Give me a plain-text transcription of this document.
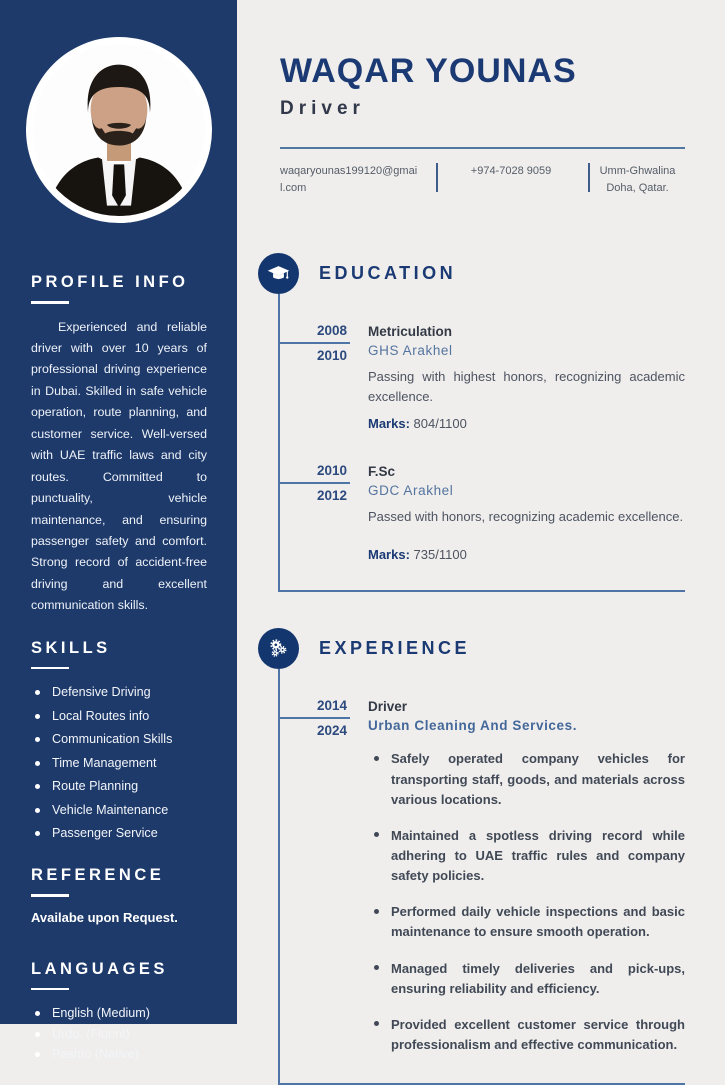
PROFILE INFO

Experienced and reliable driver with over 10 years of professional driving experience in Dubai. Skilled in safe vehicle operation, route planning, and customer service. Well-versed with UAE traffic laws and city routes. Committed to punctuality, vehicle maintenance, and ensuring passenger safety and comfort. Strong record of accident-free driving and excellent communication skills.

SKILLS
Defensive Driving
Local Routes info
Communication Skills
Time Management
Route Planning
Vehicle Maintenance
Passenger Service
REFERENCE

Availabe upon Request.

LANGUAGES
English (Medium)
Urdu. (Fluent)
Pashto (Native)
WAQAR YOUNAS
Driver
waqaryounas199120@gmail.com
+974-7028 9059	Umm-Ghwalina Doha, Qatar.
EDUCATION
2008
2010
Metriculation
GHS Arakhel

Passing with highest honors, recognizing academic excellence.

Marks: 804/1100
2010
2012
F.Sc
GDC Arakhel

Passed with honors, recognizing academic excellence.

Marks: 735/1100
EXPERIENCE
2014
2024
Driver
Urban Cleaning And Services.
Safely operated company vehicles for transporting staff, goods, and materials across various locations.
Maintained a spotless driving record while adhering to UAE traffic rules and company safety policies.
Performed daily vehicle inspections and basic maintenance to ensure smooth operation.
Managed timely deliveries and pick-ups, ensuring reliability and efficiency.
Provided excellent customer service through professionalism and effective communication.
